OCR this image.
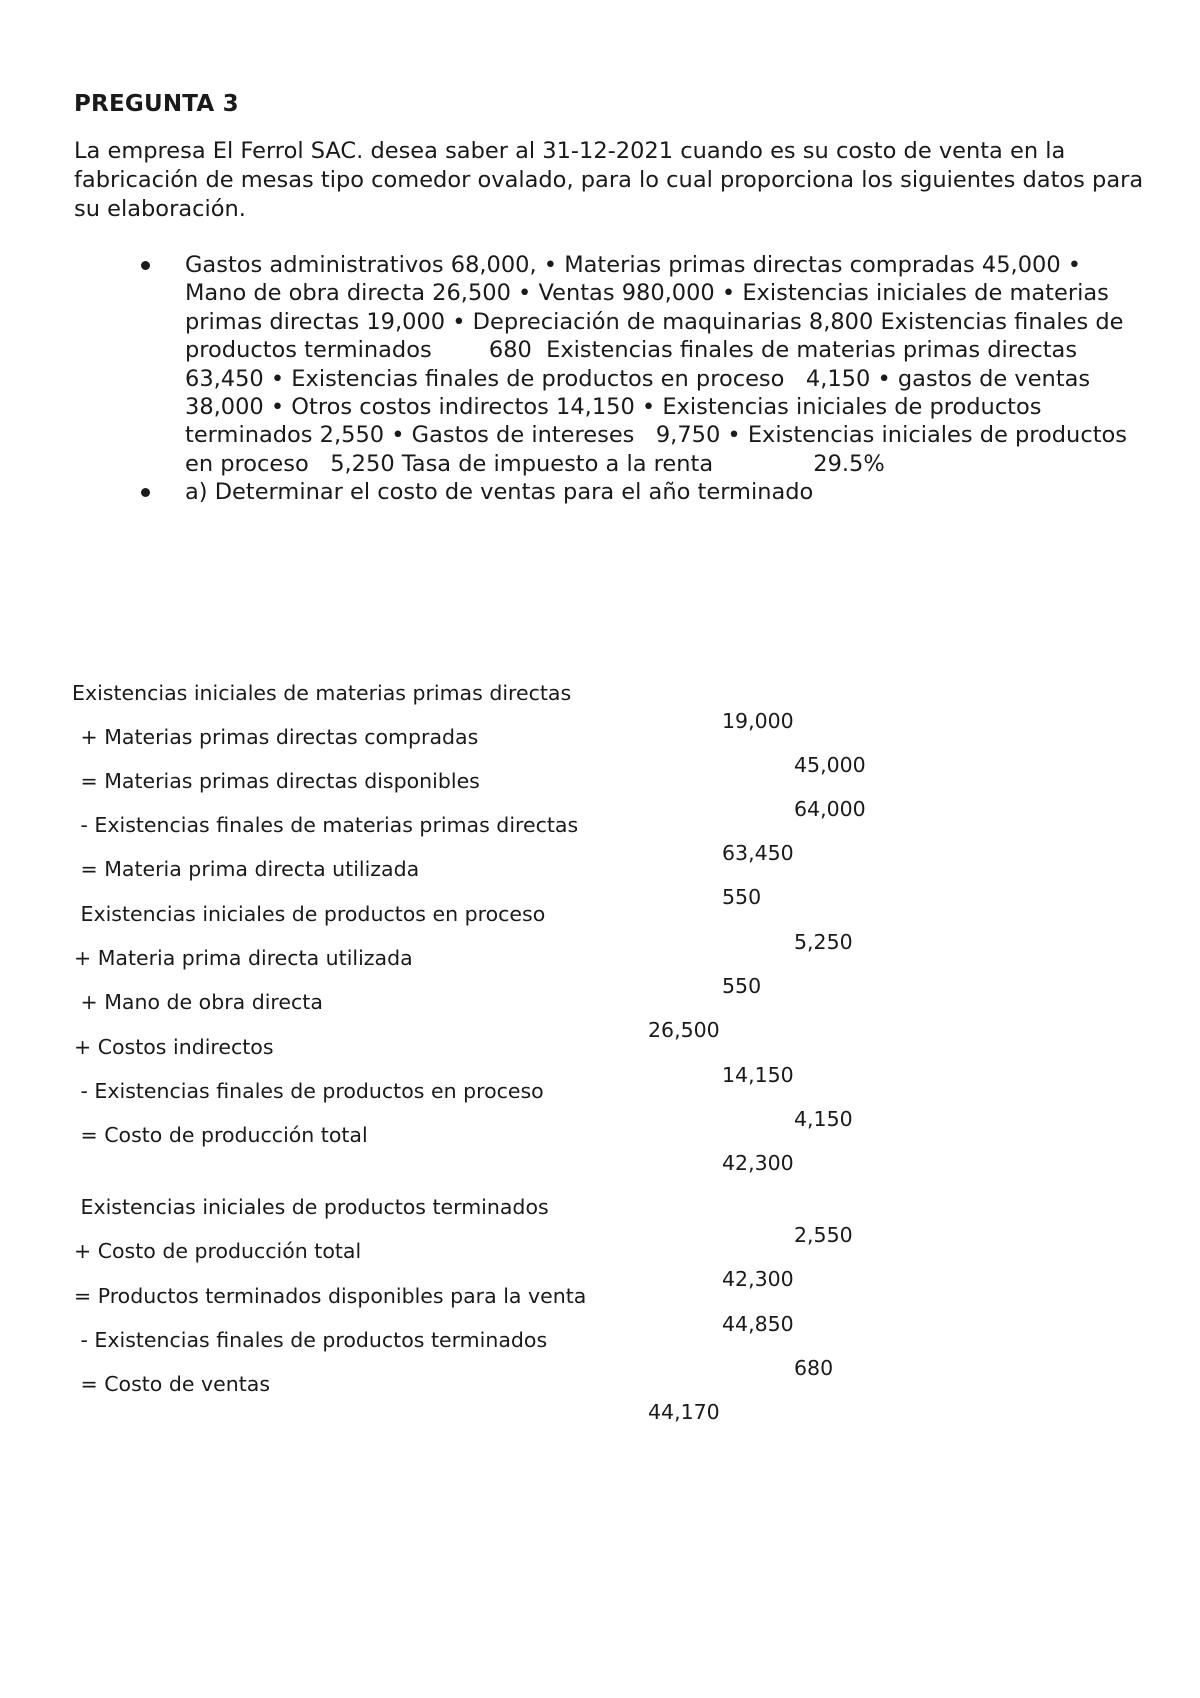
PREGUNTA 3

La empresa El Ferrol SAC. desea saber al 31-12-2021 cuando es su costo de venta en la fabricación de mesas tipo comedor ovalado, para lo cual proporciona los siguientes datos para su elaboración.

Gastos administrativos 68,000, • Materias primas directas compradas 45,000 • Mano de obra directa 26,500 • Ventas 980,000 • Existencias iniciales de materias primas directas 19,000 • Depreciación de maquinarias 8,800 Existencias finales de productos terminados        680  Existencias finales de materias primas directas      63,450 • Existencias finales de productos en proceso   4,150 • gastos de ventas     38,000 • Otros costos indirectos 14,150 • Existencias iniciales de productos terminados 2,550 • Gastos de intereses   9,750 • Existencias iniciales de productos en proceso   5,250 Tasa de impuesto a la renta              29.5%
a) Determinar el costo de ventas para el año terminado

Existencias iniciales de materias primas directas

19,000

+ Materias primas directas compradas

45,000

= Materias primas directas disponibles

64,000

- Existencias finales de materias primas directas

63,450

= Materia prima directa utilizada

550

Existencias iniciales de productos en proceso

5,250

+ Materia prima directa utilizada

550

+ Mano de obra directa

26,500

+ Costos indirectos

14,150

- Existencias finales de productos en proceso

4,150

= Costo de producción total

42,300

Existencias iniciales de productos terminados

2,550

+ Costo de producción total

42,300

= Productos terminados disponibles para la venta

44,850

- Existencias finales de productos terminados

680

= Costo de ventas

44,170
